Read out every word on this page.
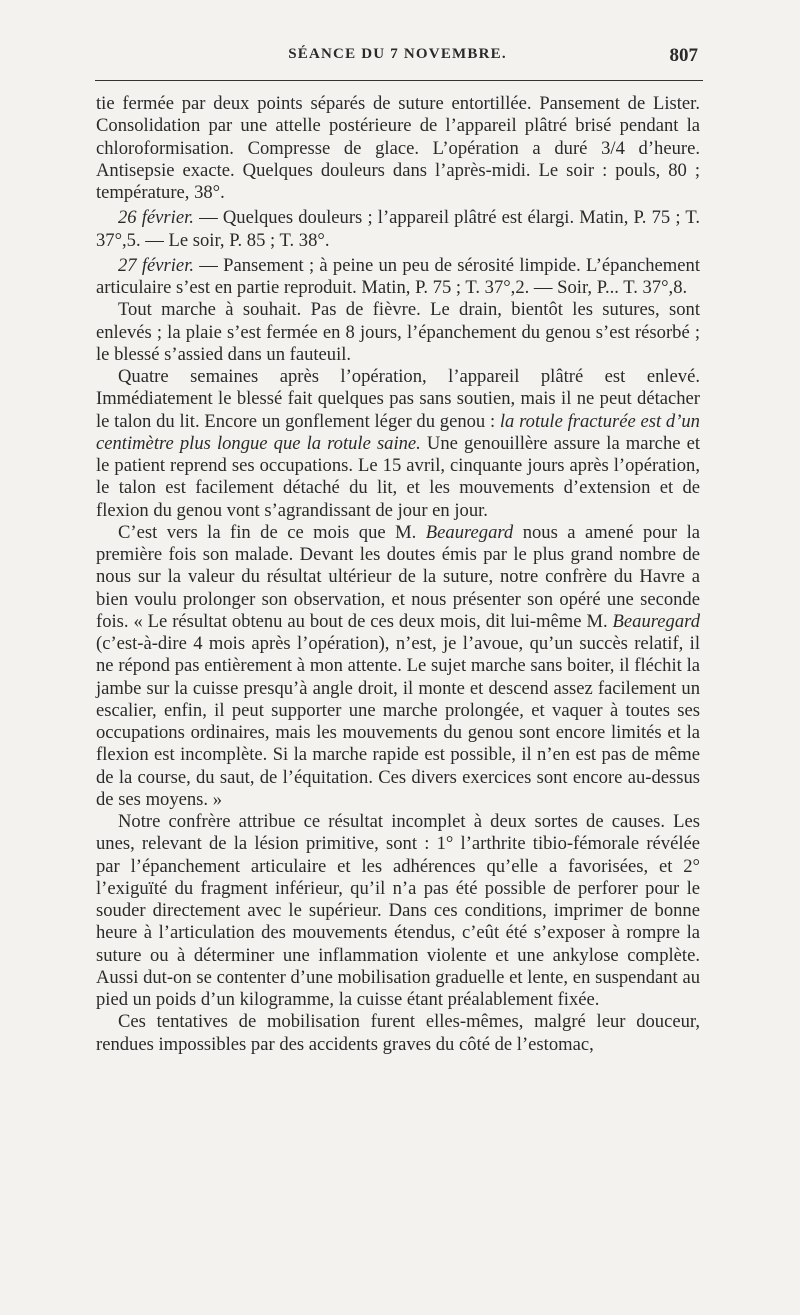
SÉANCE DU 7 NOVEMBRE.	807

tie fermée par deux points séparés de suture entortillée. Pansement de Lister. Consolidation par une attelle postérieure de l’appareil plâtré brisé pendant la chloroformisation. Compresse de glace. L’opération a duré 3/4 d’heure. Antisepsie exacte. Quelques douleurs dans l’après-midi. Le soir : pouls, 80 ; température, 38°.

26 février. — Quelques douleurs ; l’appareil plâtré est élargi. Matin, P. 75 ; T. 37°,5. — Le soir, P. 85 ; T. 38°.

27 février. — Pansement ; à peine un peu de sérosité limpide. L’épanchement articulaire s’est en partie reproduit. Matin, P. 75 ; T. 37°,2. — Soir, P... T. 37°,8.

Tout marche à souhait. Pas de fièvre. Le drain, bientôt les sutures, sont enlevés ; la plaie s’est fermée en 8 jours, l’épanchement du genou s’est résorbé ; le blessé s’assied dans un fauteuil.

Quatre semaines après l’opération, l’appareil plâtré est enlevé. Immédiatement le blessé fait quelques pas sans soutien, mais il ne peut détacher le talon du lit. Encore un gonflement léger du genou : la rotule fracturée est d’un centimètre plus longue que la rotule saine. Une genouillère assure la marche et le patient reprend ses occupations. Le 15 avril, cinquante jours après l’opération, le talon est facilement détaché du lit, et les mouvements d’extension et de flexion du genou vont s’agrandissant de jour en jour.

C’est vers la fin de ce mois que M. Beauregard nous a amené pour la première fois son malade. Devant les doutes émis par le plus grand nombre de nous sur la valeur du résultat ultérieur de la suture, notre confrère du Havre a bien voulu prolonger son observation, et nous présenter son opéré une seconde fois. « Le résultat obtenu au bout de ces deux mois, dit lui-même M. Beauregard (c’est-à-dire 4 mois après l’opération), n’est, je l’avoue, qu’un succès relatif, il ne répond pas entièrement à mon attente. Le sujet marche sans boiter, il fléchit la jambe sur la cuisse presqu’à angle droit, il monte et descend assez facilement un escalier, enfin, il peut supporter une marche prolongée, et vaquer à toutes ses occupations ordinaires, mais les mouvements du genou sont encore limités et la flexion est incomplète. Si la marche rapide est possible, il n’en est pas de même de la course, du saut, de l’équitation. Ces divers exercices sont encore au-dessus de ses moyens. »

Notre confrère attribue ce résultat incomplet à deux sortes de causes. Les unes, relevant de la lésion primitive, sont : 1° l’arthrite tibio-fémorale révélée par l’épanchement articulaire et les adhérences qu’elle a favorisées, et 2° l’exiguïté du fragment inférieur, qu’il n’a pas été possible de perforer pour le souder directement avec le supérieur. Dans ces conditions, imprimer de bonne heure à l’articulation des mouvements étendus, c’eût été s’exposer à rompre la suture ou à déterminer une inflammation violente et une ankylose complète. Aussi dut-on se contenter d’une mobilisation graduelle et lente, en suspendant au pied un poids d’un kilogramme, la cuisse étant préalablement fixée.

Ces tentatives de mobilisation furent elles-mêmes, malgré leur douceur, rendues impossibles par des accidents graves du côté de l’estomac,
